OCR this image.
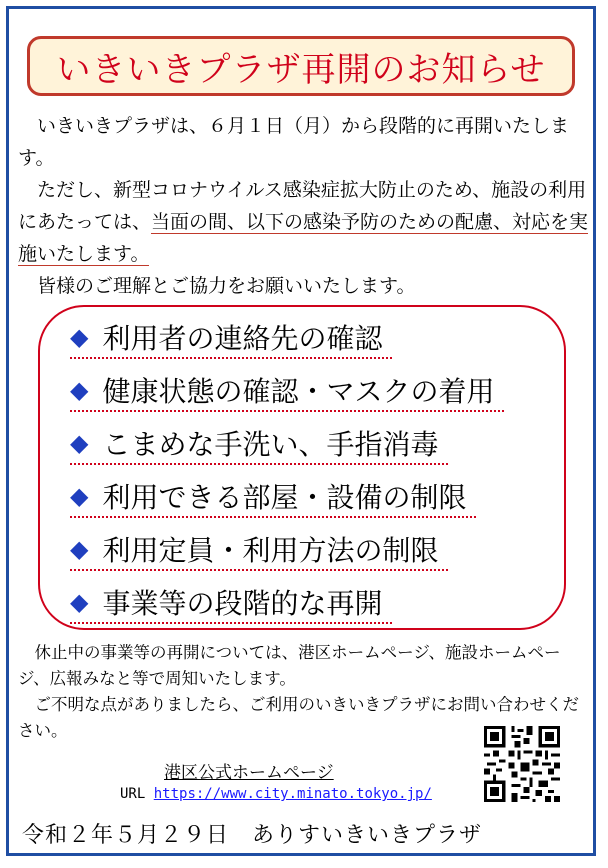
いきいきプラザ再開のお知らせ

　いきいきプラザは、６月１日（月）から段階的に再開いたします。

　ただし、新型コロナウイルス感染症拡大防止のため、施設の利用にあたっては、当面の間、以下の感染予防のための配慮、対応を実施いたします。

　皆様のご理解とご協力をお願いいたします。

◆ 利用者の連絡先の確認
◆ 健康状態の確認・マスクの着用
◆ こまめな手洗い、手指消毒
◆ 利用できる部屋・設備の制限
◆ 利用定員・利用方法の制限
◆ 事業等の段階的な再開

　休止中の事業等の再開については、港区ホームページ、施設ホームページ、広報みなと等で周知いたします。

　ご不明な点がありましたら、ご利用のいきいきプラザにお問い合わせください。

港区公式ホームページ
URL https://www.city.minato.tokyo.jp/
令和２年５月２９日　ありすいきいきプラザ
